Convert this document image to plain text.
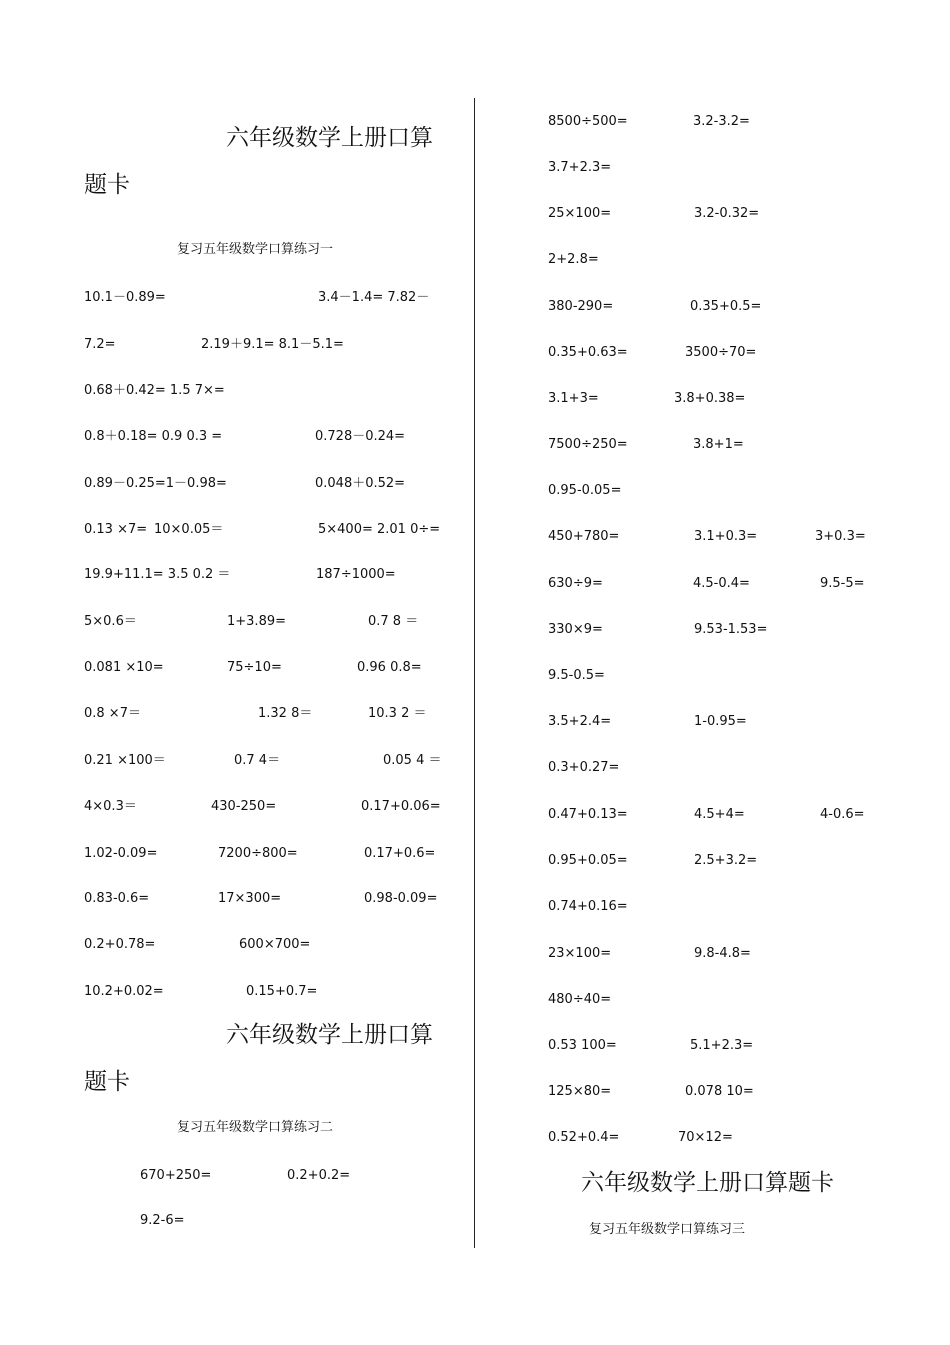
六年级数学上册口算
题卡
复习五年级数学口算练习一
10.1－0.89=	3.4－1.4= 7.82－
7.2=	2.19＋9.1= 8.1－5.1=
0.68＋0.42= 1.5 7×=
0.8＋0.18= 0.9 0.3 =	0.728－0.24=
0.89－0.25=1－0.98=	0.048＋0.52=
0.13 ×7= 10×0.05＝	5×400= 2.01 0÷=
19.9+11.1= 3.5 0.2 ＝	187÷1000=
5×0.6＝	1+3.89=	0.7 8 ＝
0.081 ×10=	75÷10=	0.96 0.8=
0.8 ×7＝	1.32 8＝	10.3 2 ＝
0.21 ×100＝	0.7 4＝	0.05 4 ＝
4×0.3＝	430-250=	0.17+0.06=
1.02-0.09=	7200÷800=	0.17+0.6=
0.83-0.6=	17×300=	0.98-0.09=
0.2+0.78=	600×700=
10.2+0.02=	0.15+0.7=
六年级数学上册口算
题卡
复习五年级数学口算练习二
670+250=	0.2+0.2=
9.2-6=
8500÷500=	3.2-3.2=
3.7+2.3=
25×100=	3.2-0.32=
2+2.8=
380-290=	0.35+0.5=
0.35+0.63=	3500÷70=
3.1+3=	3.8+0.38=
7500÷250=	3.8+1=
0.95-0.05=
450+780=	3.1+0.3=	3+0.3=
630÷9=	4.5-0.4=	9.5-5=
330×9=	9.53-1.53=
9.5-0.5=
3.5+2.4=	1-0.95=
0.3+0.27=
0.47+0.13=	4.5+4=	4-0.6=
0.95+0.05=	2.5+3.2=
0.74+0.16=
23×100=	9.8-4.8=
480÷40=
0.53 100=	5.1+2.3=
125×80=	0.078 10=
0.52+0.4=	70×12=
六年级数学上册口算题卡
复习五年级数学口算练习三
